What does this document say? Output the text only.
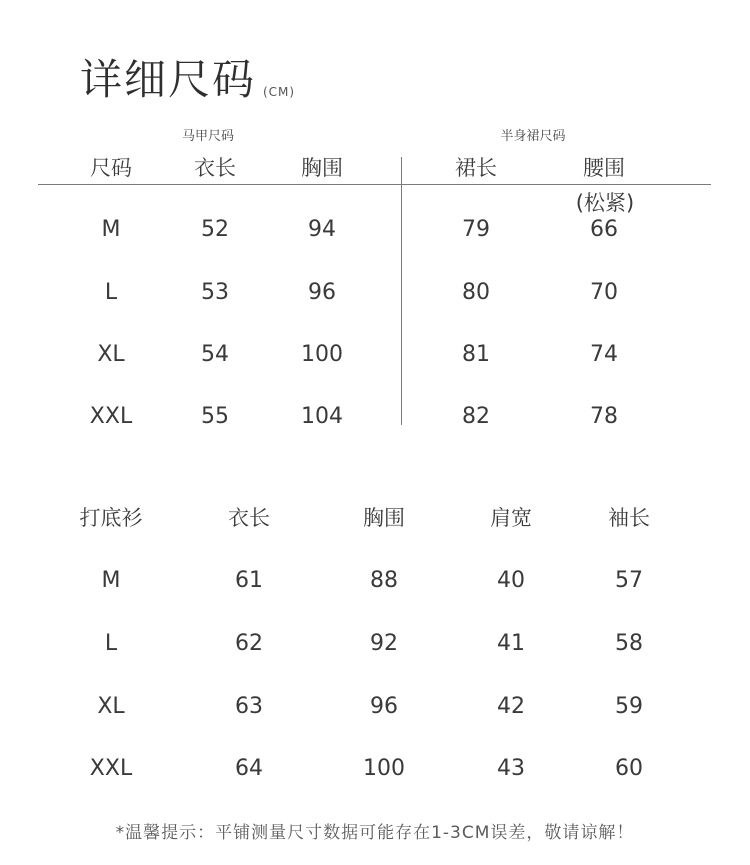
详细尺码 (CM)
马甲尺码	半身裙尺码
尺码	衣长	胸围	裙长	腰围
(松紧)
M	52	94	79	66
L	53	96	80	70
XL	54	100	81	74
XXL	55	104	82	78
打底衫	衣长	胸围	肩宽	袖长
M	61	88	40	57
L	62	92	41	58
XL	63	96	42	59
XXL	64	100	43	60
*温馨提示：平铺测量尺寸数据可能存在1-3CM误差，敬请谅解！
